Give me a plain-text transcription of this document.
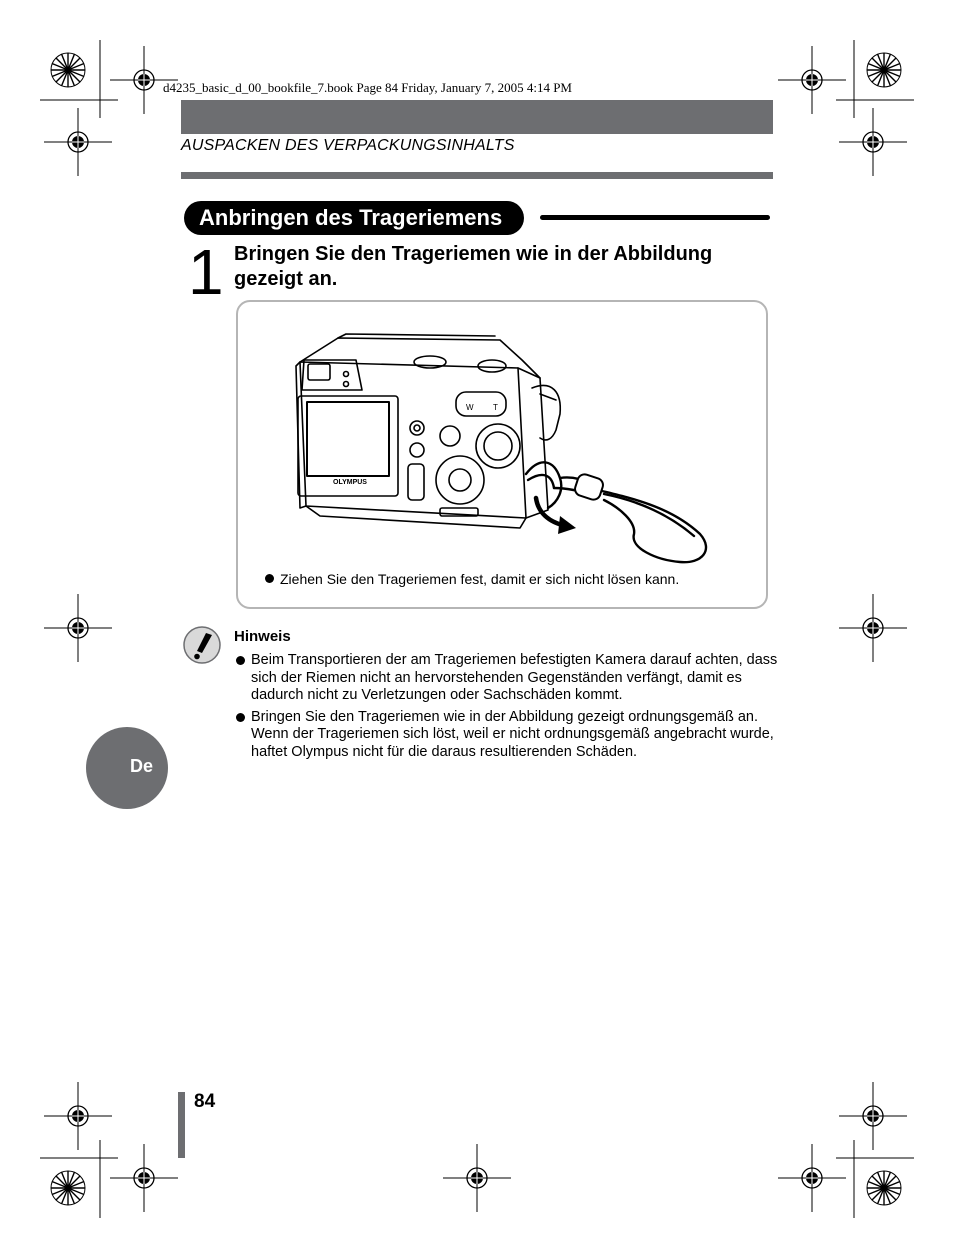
d4235_basic_d_00_bookfile_7.book Page 84 Friday, January 7, 2005 4:14 PM
AUSPACKEN DES VERPACKUNGSINHALTS
Anbringen des Trageriemens
1 Bringen Sie den Trageriemen wie in der Abbildung gezeigt an.
W T
OLYMPUS
Ziehen Sie den Trageriemen fest, damit er sich nicht lösen kann.
Hinweis
Beim Transportieren der am Trageriemen befestigten Kamera darauf achten, dass sich der Riemen nicht an hervorstehenden Gegenständen verfängt, damit es dadurch nicht zu Verletzungen oder Sachschäden kommt.
Bringen Sie den Trageriemen wie in der Abbildung gezeigt ordnungsgemäß an. Wenn der Trageriemen sich löst, weil er nicht ordnungsgemäß angebracht wurde, haftet Olympus nicht für die daraus resultierenden Schäden.
De
84
